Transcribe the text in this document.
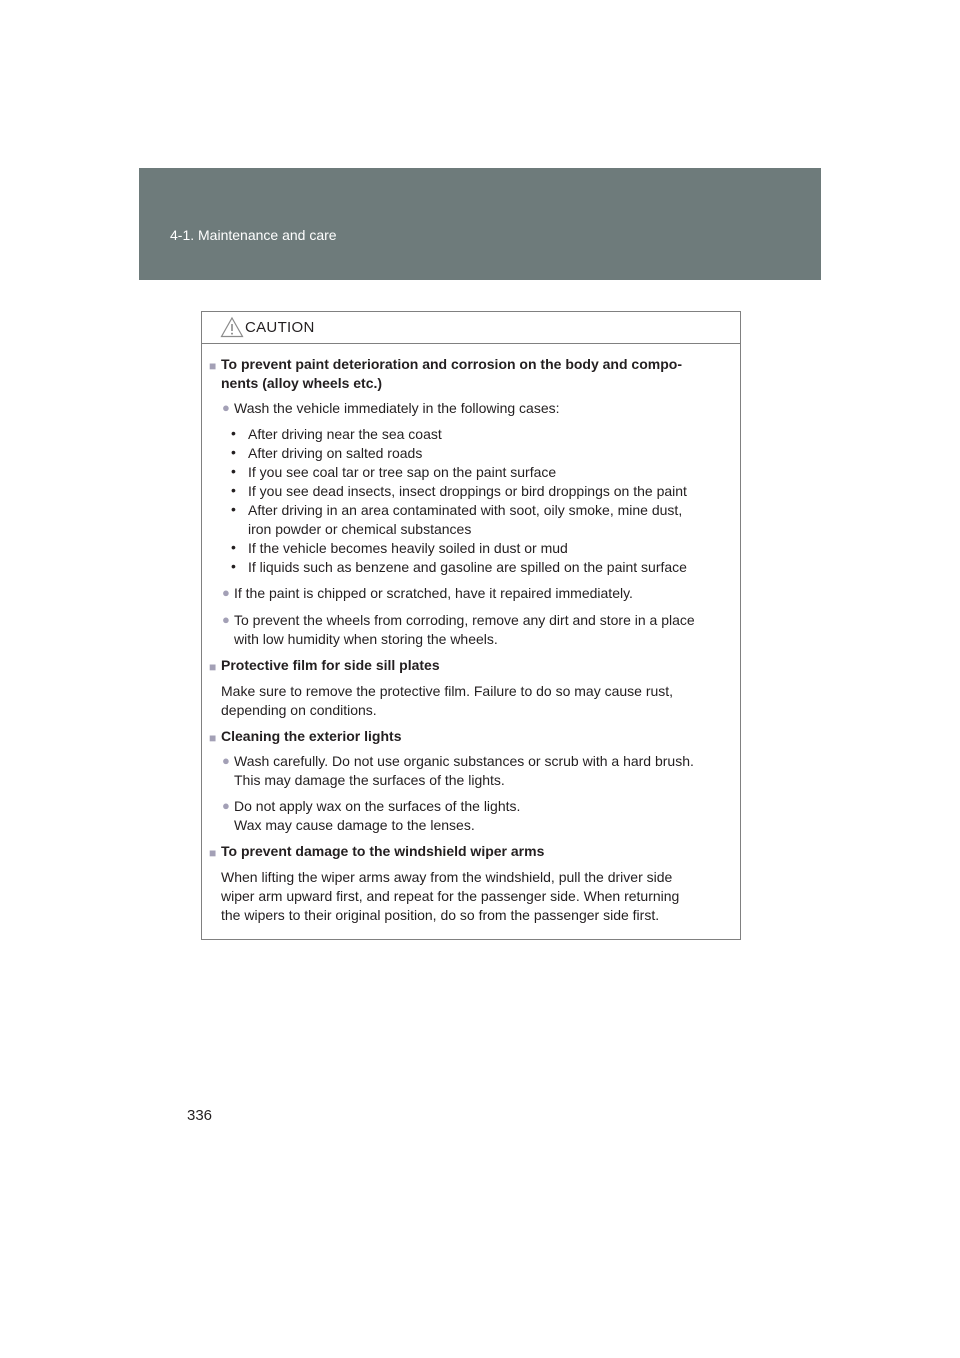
4-1. Maintenance and care
CAUTION
■ To prevent paint deterioration and corrosion on the body and compo-
nents (alloy wheels etc.)
● Wash the vehicle immediately in the following cases:
• After driving near the sea coast
• After driving on salted roads
• If you see coal tar or tree sap on the paint surface
• If you see dead insects, insect droppings or bird droppings on the paint
• After driving in an area contaminated with soot, oily smoke, mine dust,
iron powder or chemical substances
• If the vehicle becomes heavily soiled in dust or mud
• If liquids such as benzene and gasoline are spilled on the paint surface
● If the paint is chipped or scratched, have it repaired immediately.
● To prevent the wheels from corroding, remove any dirt and store in a place
with low humidity when storing the wheels.
■ Protective film for side sill plates
Make sure to remove the protective film. Failure to do so may cause rust,
depending on conditions.
■ Cleaning the exterior lights
● Wash carefully. Do not use organic substances or scrub with a hard brush.
This may damage the surfaces of the lights.
● Do not apply wax on the surfaces of the lights.
Wax may cause damage to the lenses.
■ To prevent damage to the windshield wiper arms
When lifting the wiper arms away from the windshield, pull the driver side
wiper arm upward first, and repeat for the passenger side. When returning
the wipers to their original position, do so from the passenger side first.
336
